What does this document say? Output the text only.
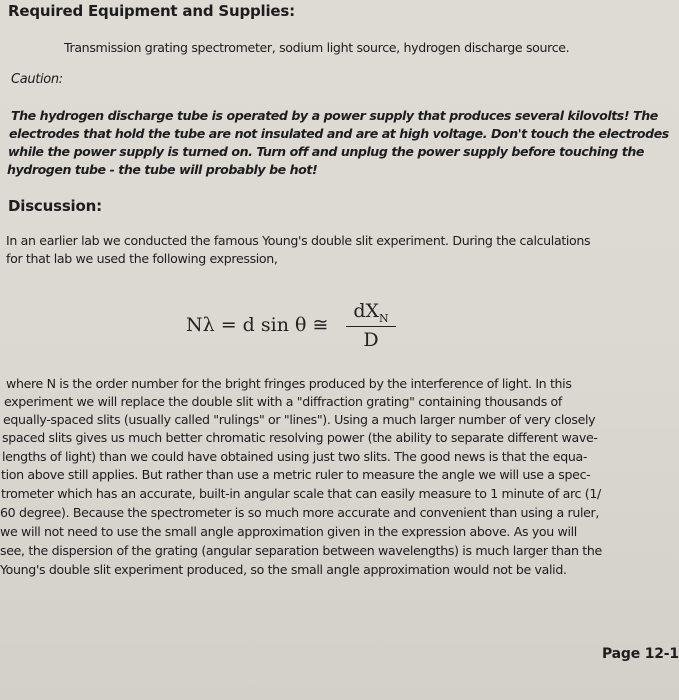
Required Equipment and Supplies:
Transmission grating spectrometer, sodium light source, hydrogen discharge source.
Caution:
The hydrogen discharge tube is operated by a power supply that produces several kilovolts! The
electrodes that hold the tube are not insulated and are at high voltage. Don't touch the electrodes
while the power supply is turned on. Turn off and unplug the power supply before touching the
hydrogen tube - the tube will probably be hot!
Discussion:
In an earlier lab we conducted the famous Young's double slit experiment. During the calculations
for that lab we used the following expression,
Nλ = d sin θ ≅
$dX_N$
D
where N is the order number for the bright fringes produced by the interference of light. In this
experiment we will replace the double slit with a "diffraction grating" containing thousands of
equally-spaced slits (usually called "rulings" or "lines"). Using a much larger number of very closely
spaced slits gives us much better chromatic resolving power (the ability to separate different wave-
lengths of light) than we could have obtained using just two slits. The good news is that the equa-
tion above still applies. But rather than use a metric ruler to measure the angle we will use a spec-
trometer which has an accurate, built-in angular scale that can easily measure to 1 minute of arc (1/
60 degree). Because the spectrometer is so much more accurate and convenient than using a ruler,
we will not need to use the small angle approximation given in the expression above. As you will
see, the dispersion of the grating (angular separation between wavelengths) is much larger than the
Young's double slit experiment produced, so the small angle approximation would not be valid.
Page 12-1
